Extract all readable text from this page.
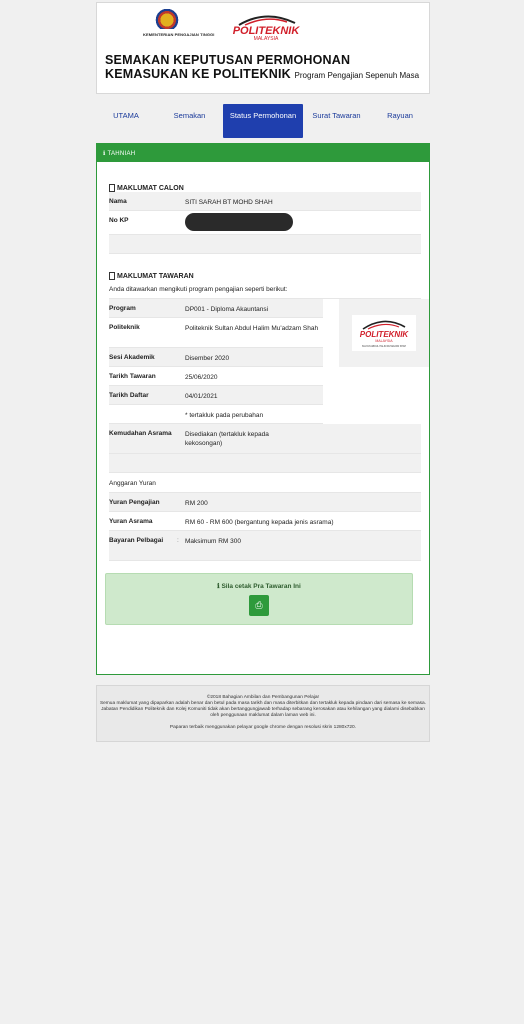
KEMENTERIAN PENGAJIAN TINGGI POLITEKNIK
MALAYSIA
SEMAKAN KEPUTUSAN PERMOHONAN KEMASUKAN KE POLITEKNIK Program Pengajian Sepenuh Masa
UTAMA	Semakan	Status Permohonan	Surat Tawaran	Rayuan
ℹ TAHNIAH
MAKLUMAT CALON
Nama	SITI SARAH BT MOHD SHAH
No KP
MAKLUMAT TAWARAN
Anda ditawarkan mengikuti program pengajian seperti berikut:
POLITEKNIK
MALAYSIA
SULTAN ABDUL HALIM MU'ADZAM SHAH
Program	DP001 - Diploma Akauntansi
Politeknik	Politeknik Sultan Abdul Halim Mu'adzam Shah
Sesi Akademik	Disember 2020
Tarikh Tawaran	25/06/2020
Tarikh Daftar	04/01/2021
* tertakluk pada perubahan
Kemudahan Asrama	Disediakan (tertakluk kepada kekosongan)
Anggaran Yuran
Yuran Pengajian	RM 200
Yuran Asrama	RM 60 - RM 600 (bergantung kepada jenis asrama)
Bayaran Pelbagai	: Maksimum RM 300
ℹ Sila cetak Pra Tawaran Ini
⎙
©2018 Bahagian Ambilan dan Pembangunan Pelajar
Semua maklumat yang dipaparkan adalah benar dan betul pada masa tarikh dan masa diterbitkan dan tertakluk kepada pindaan dari semasa ke semasa. Jabatan Pendidikan Politeknik dan Kolej Komuniti tidak akan bertanggungjawab terhadap sebarang kerosakan atau kehilangan yang dialami disebabkan oleh penggunaan maklumat dalam laman web ini.
Paparan terbaik menggunakan pelayar google chrome dengan resolusi skrin 1280x720.
